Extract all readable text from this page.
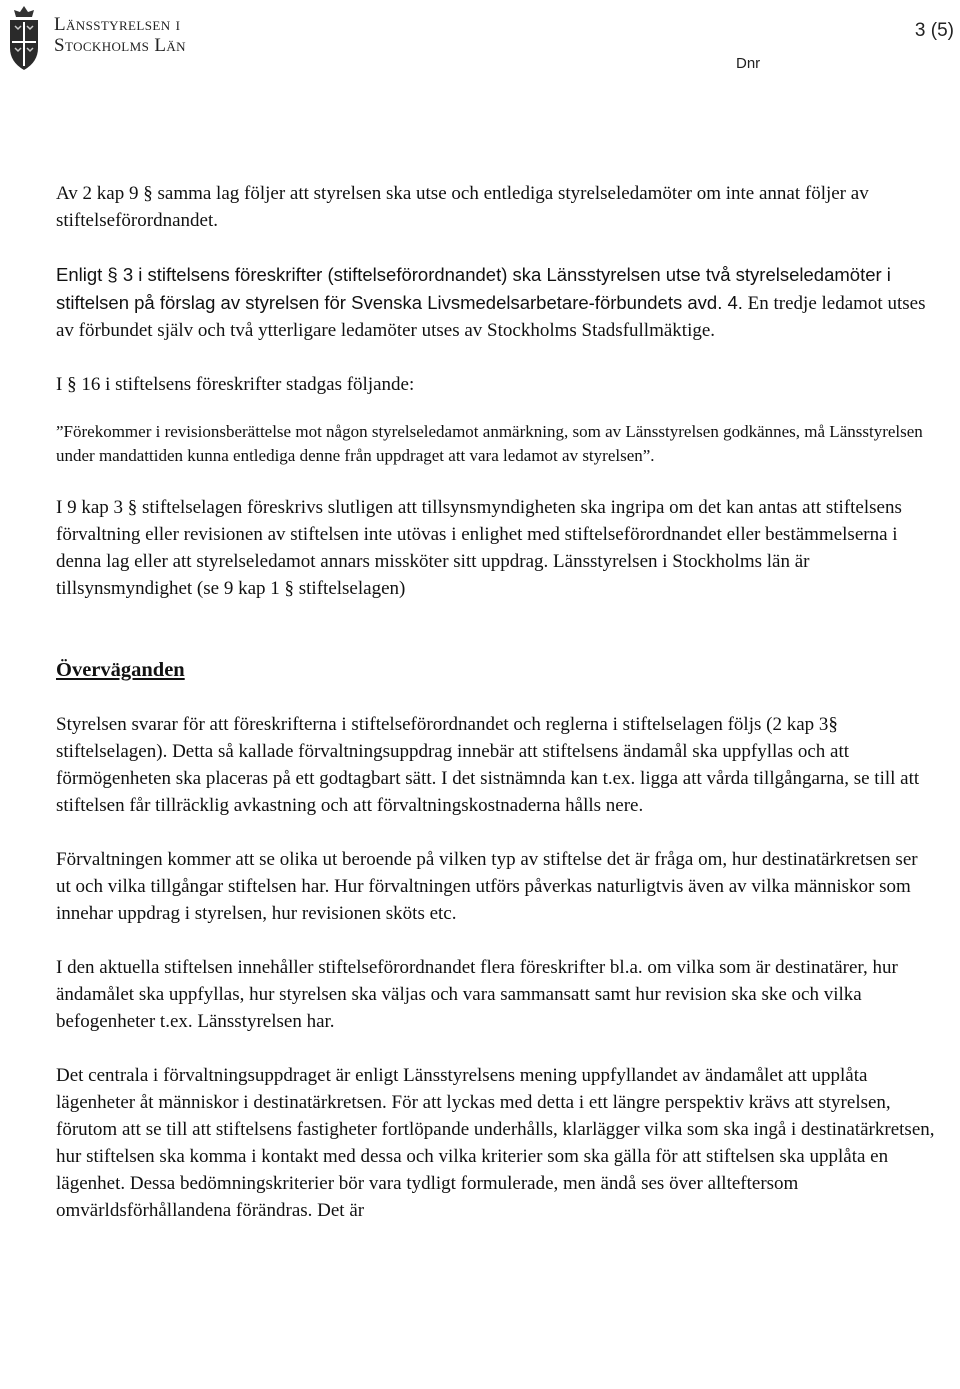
Länsstyrelsen i
Stockholms Län
3 (5)
Dnr

Av 2 kap 9 § samma lag följer att styrelsen ska utse och entlediga styrelseledamöter om inte annat följer av stiftelseförordnandet.

Enligt § 3 i stiftelsens föreskrifter (stiftelseförordnandet) ska Länsstyrelsen utse två styrelseledamöter i stiftelsen på förslag av styrelsen för Svenska Livsmedelsarbetare-förbundets avd. 4. En tredje ledamot utses av förbundet själv och två ytterligare ledamöter utses av Stockholms Stadsfullmäktige.

I § 16 i stiftelsens föreskrifter stadgas följande:

”Förekommer i revisionsberättelse mot någon styrelseledamot anmärkning, som av Länsstyrelsen godkännes, må Länsstyrelsen under mandattiden kunna entlediga denne från uppdraget att vara ledamot av styrelsen”.

I 9 kap 3 § stiftelselagen föreskrivs slutligen att tillsynsmyndigheten ska ingripa om det kan antas att stiftelsens förvaltning eller revisionen av stiftelsen inte utövas i enlighet med stiftelseförordnandet eller bestämmelserna i denna lag eller att styrelseledamot annars missköter sitt uppdrag. Länsstyrelsen i Stockholms län är tillsynsmyndighet (se 9 kap 1 § stiftelselagen)

Överväganden

Styrelsen svarar för att föreskrifterna i stiftelseförordnandet och reglerna i stiftelselagen följs (2 kap 3§ stiftelselagen). Detta så kallade förvaltningsuppdrag innebär att stiftelsens ändamål ska uppfyllas och att förmögenheten ska placeras på ett godtagbart sätt. I det sistnämnda kan t.ex. ligga att vårda tillgångarna, se till att stiftelsen får tillräcklig avkastning och att förvaltningskostnaderna hålls nere.

Förvaltningen kommer att se olika ut beroende på vilken typ av stiftelse det är fråga om, hur destinatärkretsen ser ut och vilka tillgångar stiftelsen har. Hur förvaltningen utförs påverkas naturligtvis även av vilka människor som innehar uppdrag i styrelsen, hur revisionen sköts etc.

I den aktuella stiftelsen innehåller stiftelseförordnandet flera föreskrifter bl.a. om vilka som är destinatärer, hur ändamålet ska uppfyllas, hur styrelsen ska väljas och vara sammansatt samt hur revision ska ske och vilka befogenheter t.ex. Länsstyrelsen har.

Det centrala i förvaltningsuppdraget är enligt Länsstyrelsens mening uppfyllandet av ändamålet att upplåta lägenheter åt människor i destinatärkretsen. För att lyckas med detta i ett längre perspektiv krävs att styrelsen, förutom att se till att stiftelsens fastigheter fortlöpande underhålls, klarlägger vilka som ska ingå i destinatärkretsen, hur stiftelsen ska komma i kontakt med dessa och vilka kriterier som ska gälla för att stiftelsen ska upplåta en lägenhet. Dessa bedömningskriterier bör vara tydligt formulerade, men ändå ses över allteftersom omvärldsförhållandena förändras. Det är
